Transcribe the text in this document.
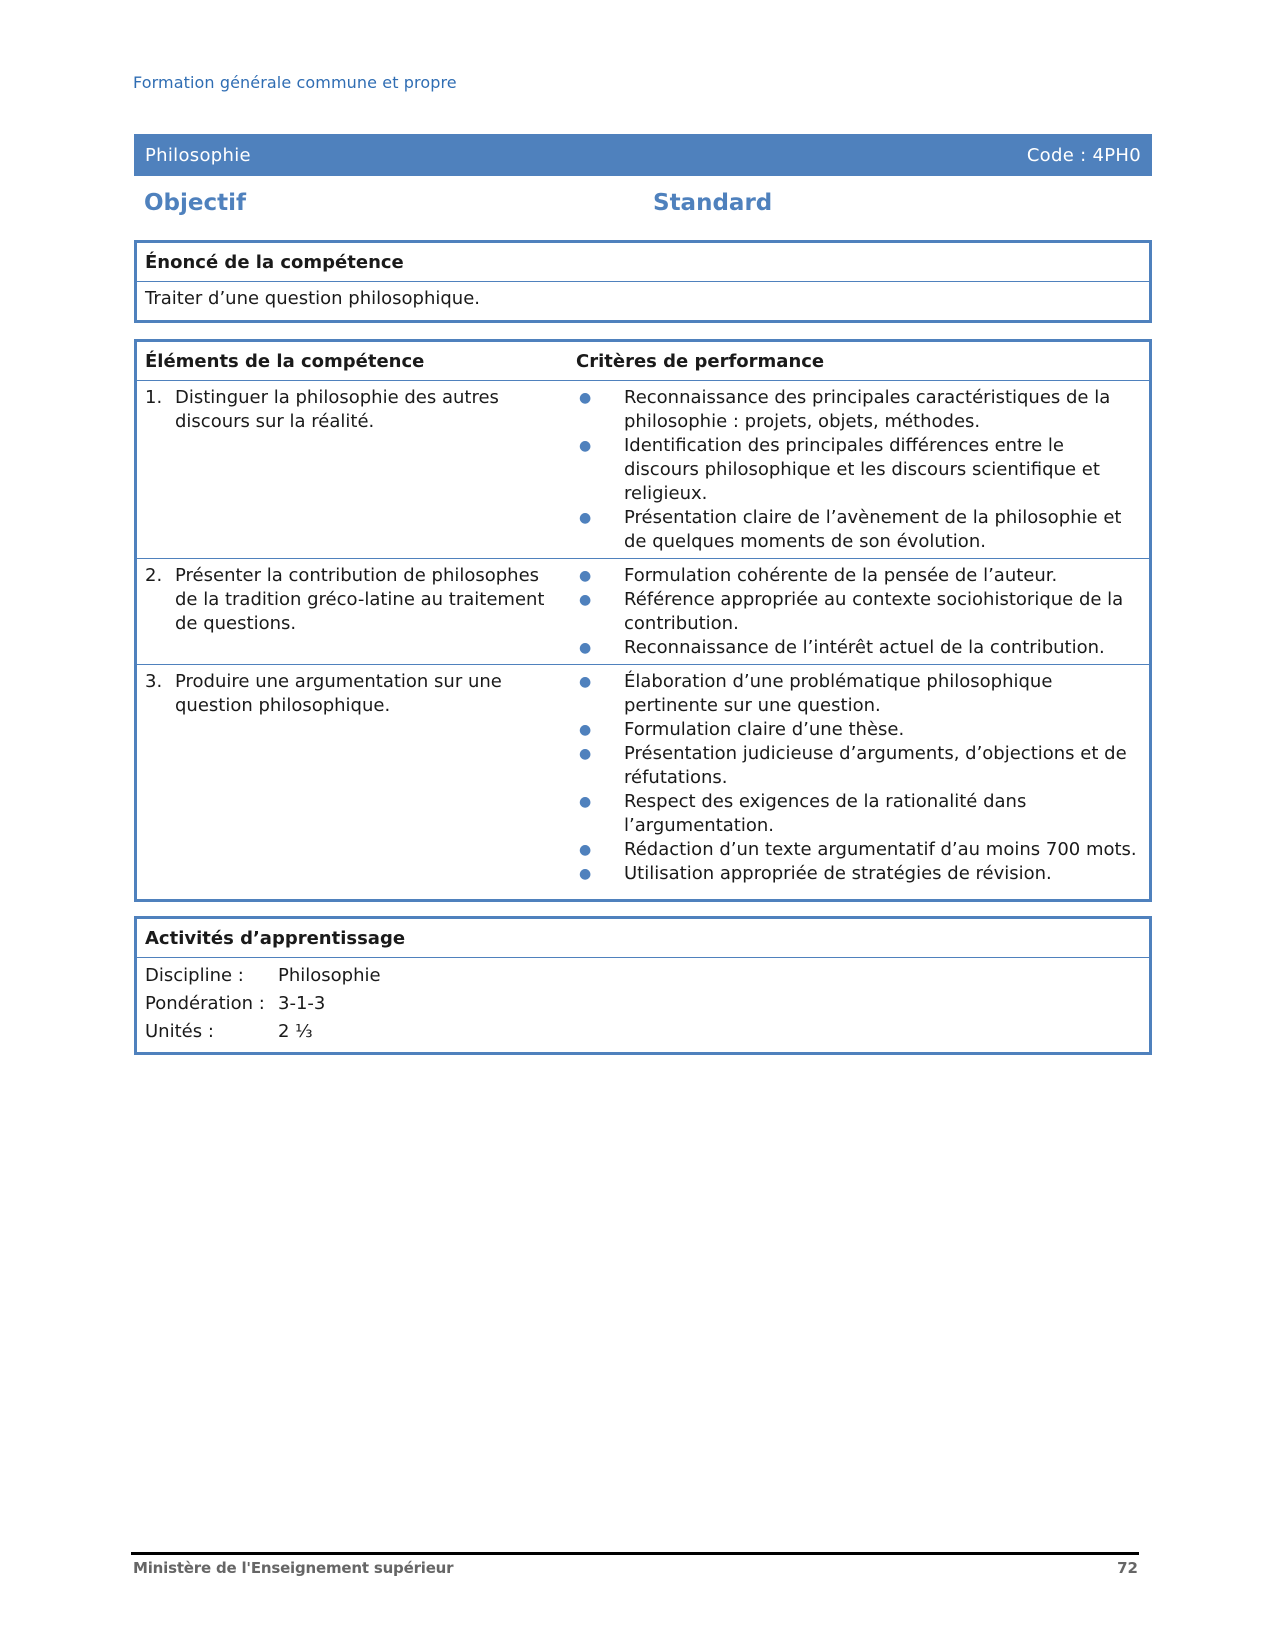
Formation générale commune et propre
Philosophie	Code : 4PH0
Objectif	Standard
Énoncé de la compétence
Traiter d’une question philosophique.
Éléments de la compétence	Critères de performance

1. Distinguer la philosophie des autres discours sur la réalité.

●	Reconnaissance des principales caractéristiques de la philosophie : projets, objets, méthodes.
●	Identification des principales différences entre le discours philosophique et les discours scientifique et religieux.
●	Présentation claire de l’avènement de la philosophie et de quelques moments de son évolution.

2. Présenter la contribution de philosophes de la tradition gréco-latine au traitement de questions.

●	Formulation cohérente de la pensée de l’auteur.
●	Référence appropriée au contexte sociohistorique de la contribution.
●	Reconnaissance de l’intérêt actuel de la contribution.

3. Produire une argumentation sur une question philosophique.

●	Élaboration d’une problématique philosophique pertinente sur une question.
●	Formulation claire d’une thèse.
●	Présentation judicieuse d’arguments, d’objections et de réfutations.
●	Respect des exigences de la rationalité dans l’argumentation.
●	Rédaction d’un texte argumentatif d’au moins 700 mots.
●	Utilisation appropriée de stratégies de révision.
Activités d’apprentissage
Discipline :	Philosophie
Pondération : 3-1-3
Unités :	2 ⅓
Ministère de l'Enseignement supérieur	72
